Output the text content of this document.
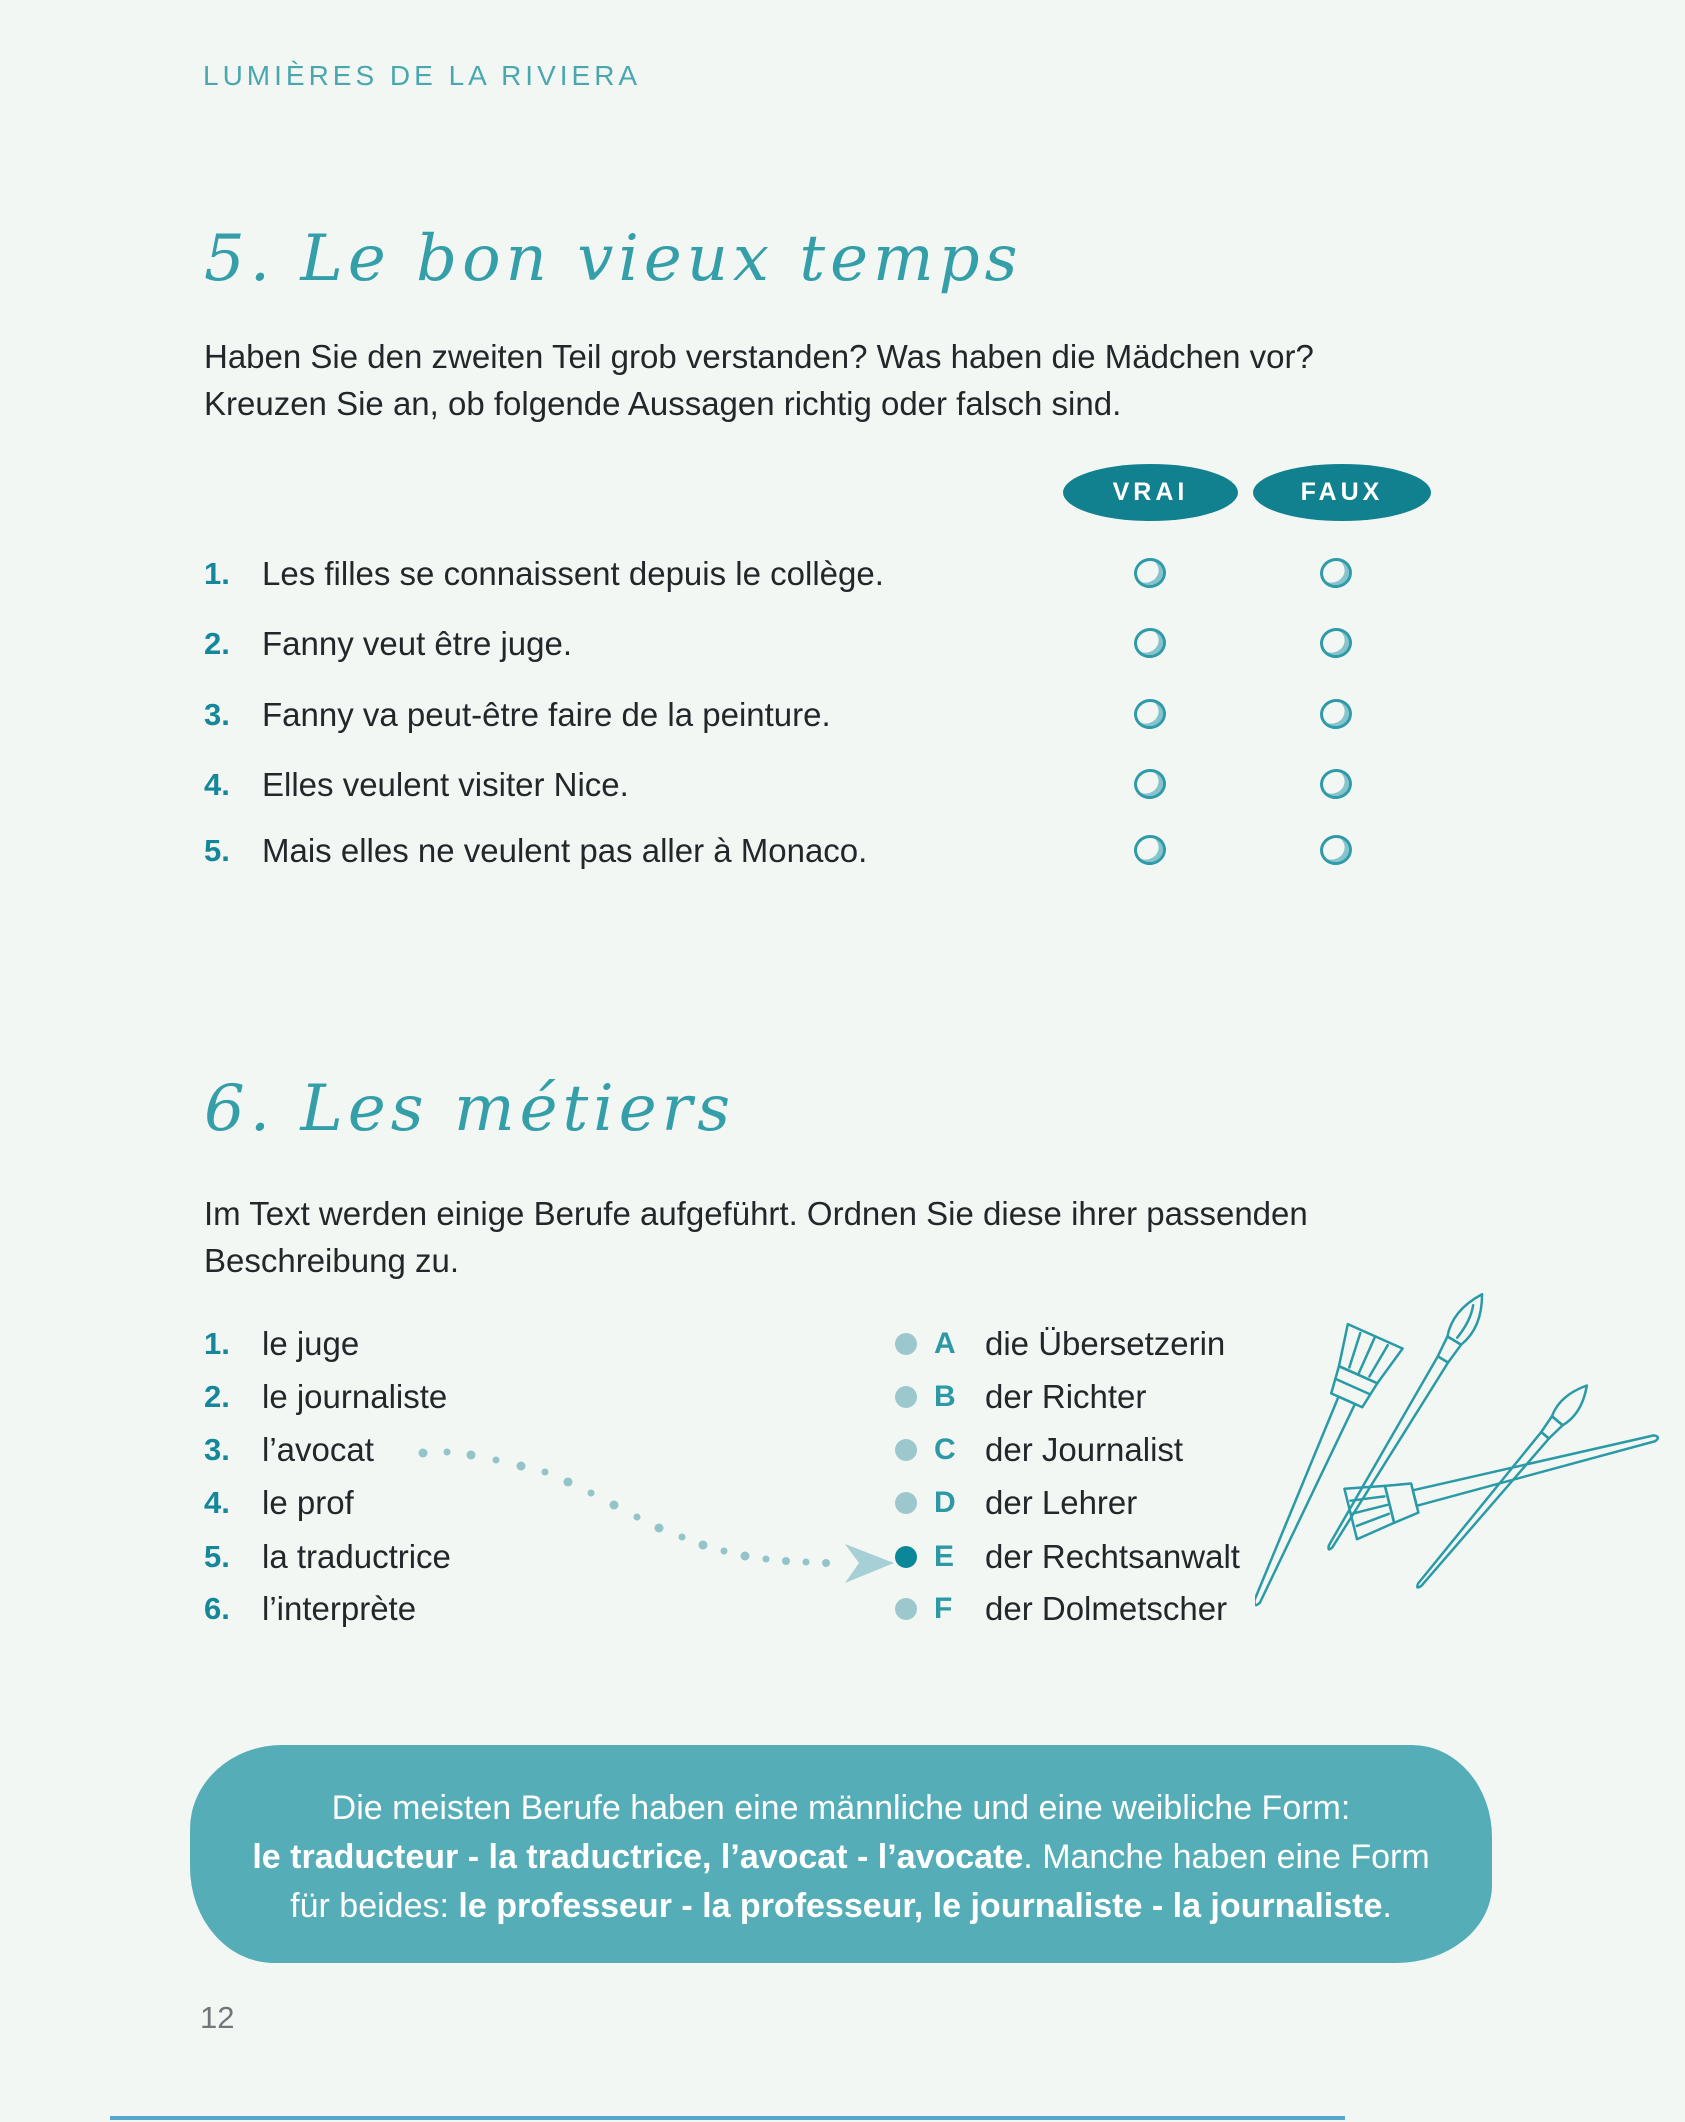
LUMIÈRES DE LA RIVIERA
5. Le bon vieux temps
Haben Sie den zweiten Teil grob verstanden? Was haben die Mädchen vor?
Kreuzen Sie an, ob folgende Aussagen richtig oder falsch sind.
VRAI	FAUX
1. Les filles se connaissent depuis le collège.
2. Fanny veut être juge.
3. Fanny va peut-être faire de la peinture.
4. Elles veulent visiter Nice.
5. Mais elles ne veulent pas aller à Monaco.
6. Les métiers
Im Text werden einige Berufe aufgeführt. Ordnen Sie diese ihrer passenden
Beschreibung zu.
1. le juge
2. le journaliste
3. l’avocat
4. le prof
5. la traductrice
6. l’interprète
A die Übersetzerin
B der Richter
C der Journalist
D der Lehrer
E der Rechtsanwalt
F der Dolmetscher
Die meisten Berufe haben eine männliche und eine weibliche Form:
le traducteur - la traductrice, l’avocat - l’avocate. Manche haben eine Form
für beides: le professeur - la professeur, le journaliste - la journaliste.
12
